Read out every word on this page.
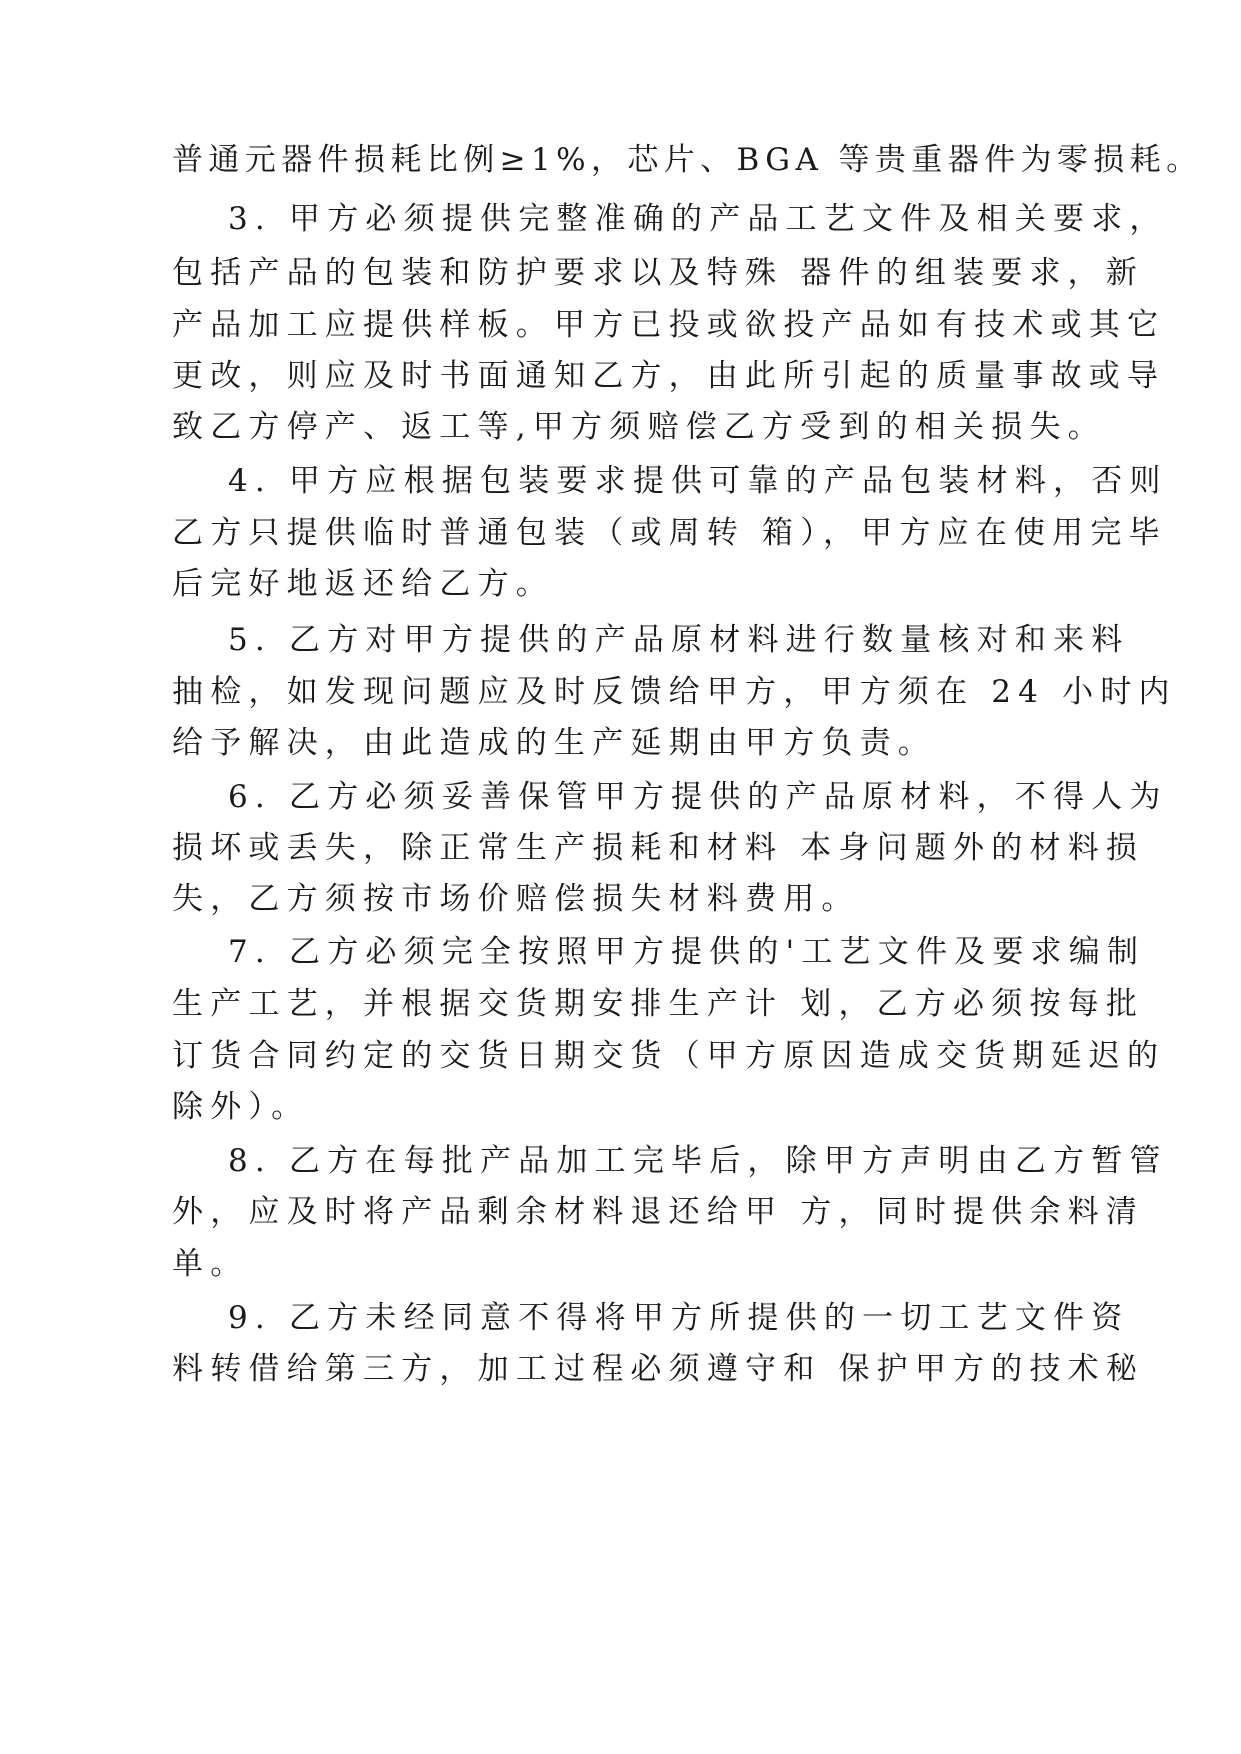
普通元器件损耗比例≥1%，芯片、BGA 等贵重器件为零损耗。
3. 甲方必须提供完整准确的产品工艺文件及相关要求，
包括产品的包装和防护要求以及特殊 器件的组装要求，新
产品加工应提供样板。甲方已投或欲投产品如有技术或其它
更改，则应及时书面通知乙方，由此所引起的质量事故或导
致乙方停产、返工等,甲方须赔偿乙方受到的相关损失。
4. 甲方应根据包装要求提供可靠的产品包装材料，否则
乙方只提供临时普通包装（或周转 箱），甲方应在使用完毕
后完好地返还给乙方。
5. 乙方对甲方提供的产品原材料进行数量核对和来料
抽检，如发现问题应及时反馈给甲方，甲方须在 24 小时内
给予解决，由此造成的生产延期由甲方负责。
6. 乙方必须妥善保管甲方提供的产品原材料，不得人为
损坏或丢失，除正常生产损耗和材料 本身问题外的材料损
失，乙方须按市场价赔偿损失材料费用。
7. 乙方必须完全按照甲方提供的'工艺文件及要求编制
生产工艺，并根据交货期安排生产计 划，乙方必须按每批
订货合同约定的交货日期交货（甲方原因造成交货期延迟的
除外）。
8. 乙方在每批产品加工完毕后，除甲方声明由乙方暂管
外，应及时将产品剩余材料退还给甲 方，同时提供余料清
单。
9. 乙方未经同意不得将甲方所提供的一切工艺文件资
料转借给第三方，加工过程必须遵守和 保护甲方的技术秘
